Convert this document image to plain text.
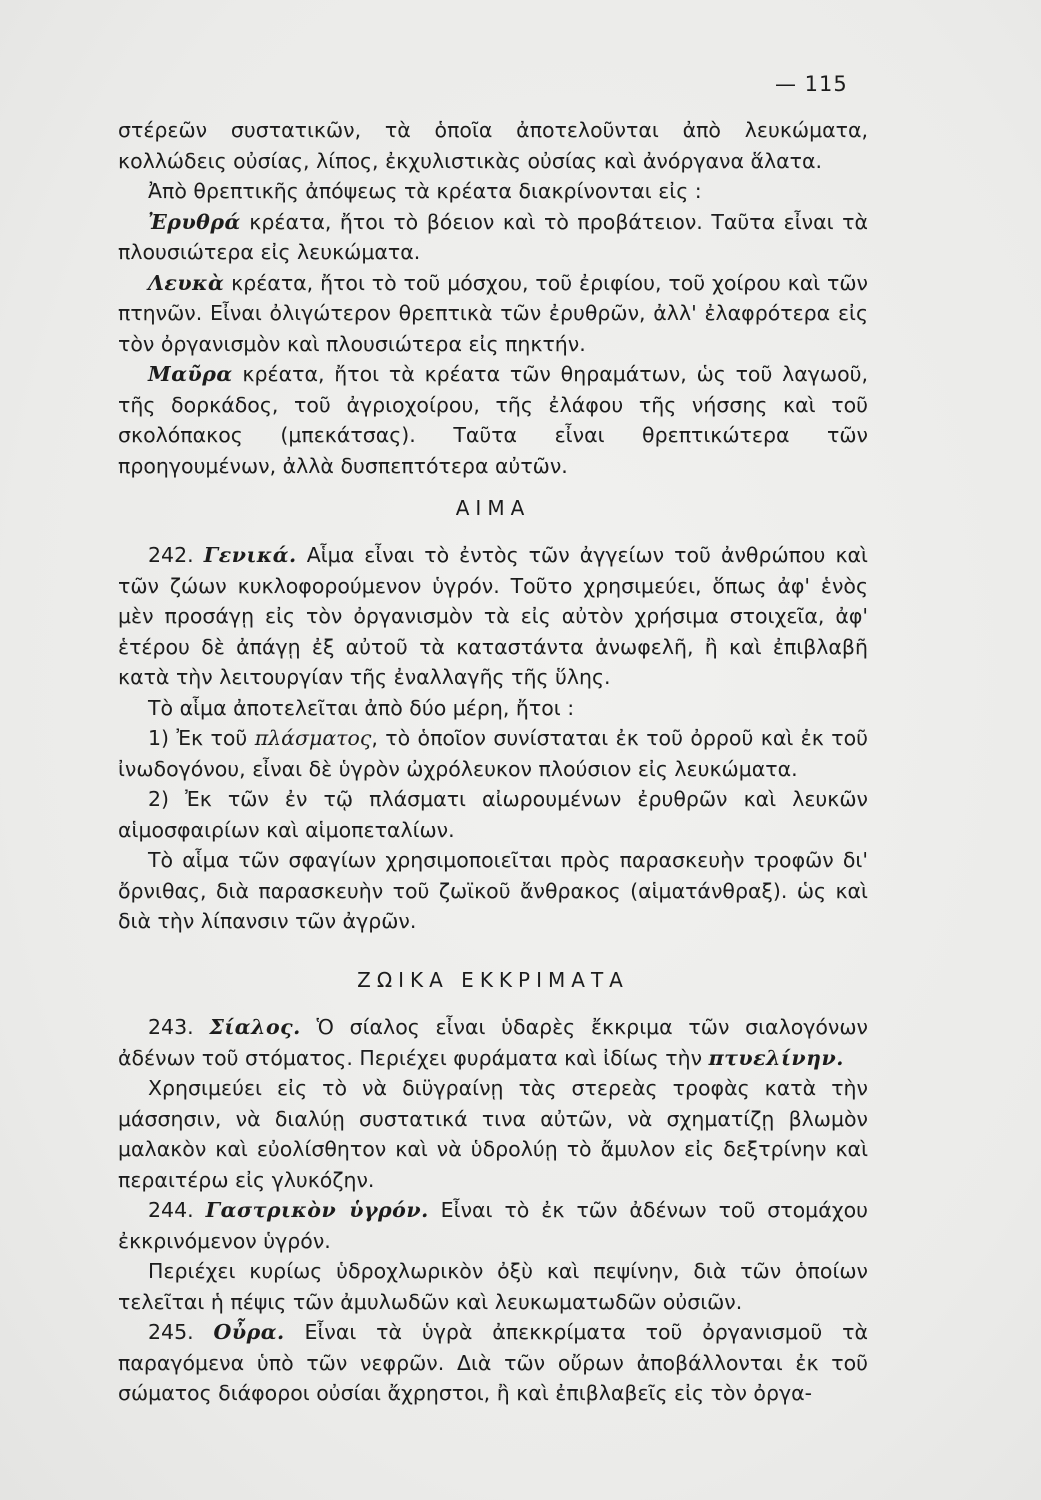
— 115

στέρεῶν συστατικῶν, τὰ ὁποῖα ἀποτελοῦνται ἀπὸ λευκώματα, κολλώδεις οὐσίας, λίπος, ἐκχυλιστικὰς οὐσίας καὶ ἀνόργανα ἅλατα.

Ἀπὸ θρεπτικῆς ἀπόψεως τὰ κρέατα διακρίνονται εἰς :

Ἐρυθρά κρέατα, ἤτοι τὸ βόειον καὶ τὸ προβάτειον. Ταῦτα εἶναι τὰ πλουσιώτερα εἰς λευκώματα.

Λευκὰ κρέατα, ἤτοι τὸ τοῦ μόσχου, τοῦ ἐριφίου, τοῦ χοίρου καὶ τῶν πτηνῶν. Εἶναι ὀλιγώτερον θρεπτικὰ τῶν ἐρυθρῶν, ἀλλ' ἐλαφρότερα εἰς τὸν ὀργανισμὸν καὶ πλουσιώτερα εἰς πηκτήν.

Μαῦρα κρέατα, ἤτοι τὰ κρέατα τῶν θηραμάτων, ὡς τοῦ λαγωοῦ, τῆς δορκάδος, τοῦ ἀγριοχοίρου, τῆς ἐλάφου τῆς νήσσης καὶ τοῦ σκολόπακος (μπεκάτσας). Ταῦτα εἶναι θρεπτικώτερα τῶν προηγουμένων, ἀλλὰ δυσπεπτότερα αὐτῶν.

ΑΙΜΑ

242. Γενικά. Αἷμα εἶναι τὸ ἐντὸς τῶν ἀγγείων τοῦ ἀνθρώπου καὶ τῶν ζώων κυκλοφορούμενον ὑγρόν. Τοῦτο χρησιμεύει, ὅπως ἀφ' ἑνὸς μὲν προσάγῃ εἰς τὸν ὀργανισμὸν τὰ εἰς αὐτὸν χρήσιμα στοιχεῖα, ἀφ' ἑτέρου δὲ ἀπάγῃ ἐξ αὐτοῦ τὰ καταστάντα ἀνωφελῆ, ἢ καὶ ἐπιβλαβῆ κατὰ τὴν λειτουργίαν τῆς ἐναλλαγῆς τῆς ὕλης.

Τὸ αἷμα ἀποτελεῖται ἀπὸ δύο μέρη, ἤτοι :

1) Ἐκ τοῦ πλάσματος, τὸ ὁποῖον συνίσταται ἐκ τοῦ ὀρροῦ καὶ ἐκ τοῦ ἰνωδογόνου, εἶναι δὲ ὑγρὸν ὠχρόλευκον πλούσιον εἰς λευκώματα.

2) Ἐκ τῶν ἐν τῷ πλάσματι αἰωρουμένων ἐρυθρῶν καὶ λευκῶν αἱμοσφαιρίων καὶ αἱμοπεταλίων.

Τὸ αἷμα τῶν σφαγίων χρησιμοποιεῖται πρὸς παρασκευὴν τροφῶν δι' ὄρνιθας, διὰ παρασκευὴν τοῦ ζωϊκοῦ ἄνθρακος (αἱματάνθραξ). ὡς καὶ διὰ τὴν λίπανσιν τῶν ἀγρῶν.

ΖΩΙΚΑ ΕΚΚΡΙΜΑΤΑ

243. Σίαλος. Ὁ σίαλος εἶναι ὑδαρὲς ἔκκριμα τῶν σιαλογόνων ἀδένων τοῦ στόματος. Περιέχει φυράματα καὶ ἰδίως τὴν πτυελίνην.

Χρησιμεύει εἰς τὸ νὰ διϋγραίνῃ τὰς στερεὰς τροφὰς κατὰ τὴν μάσσησιν, νὰ διαλύῃ συστατικά τινα αὐτῶν, νὰ σχηματίζῃ βλωμὸν μαλακὸν καὶ εὐολίσθητον καὶ νὰ ὑδρολύῃ τὸ ἄμυλον εἰς δεξτρίνην καὶ περαιτέρω εἰς γλυκόζην.

244. Γαστρικὸν ὑγρόν. Εἶναι τὸ ἐκ τῶν ἀδένων τοῦ στομάχου ἐκκρινόμενον ὑγρόν.

Περιέχει κυρίως ὑδροχλωρικὸν ὀξὺ καὶ πεψίνην, διὰ τῶν ὁποίων τελεῖται ἡ πέψις τῶν ἀμυλωδῶν καὶ λευκωματωδῶν οὐσιῶν.

245. Οὖρα. Εἶναι τὰ ὑγρὰ ἀπεκκρίματα τοῦ ὀργανισμοῦ τὰ παραγόμενα ὑπὸ τῶν νεφρῶν. Διὰ τῶν οὔρων ἀποβάλλονται ἐκ τοῦ σώματος διάφοροι οὐσίαι ἄχρηστοι, ἢ καὶ ἐπιβλαβεῖς εἰς τὸν ὀργα-
